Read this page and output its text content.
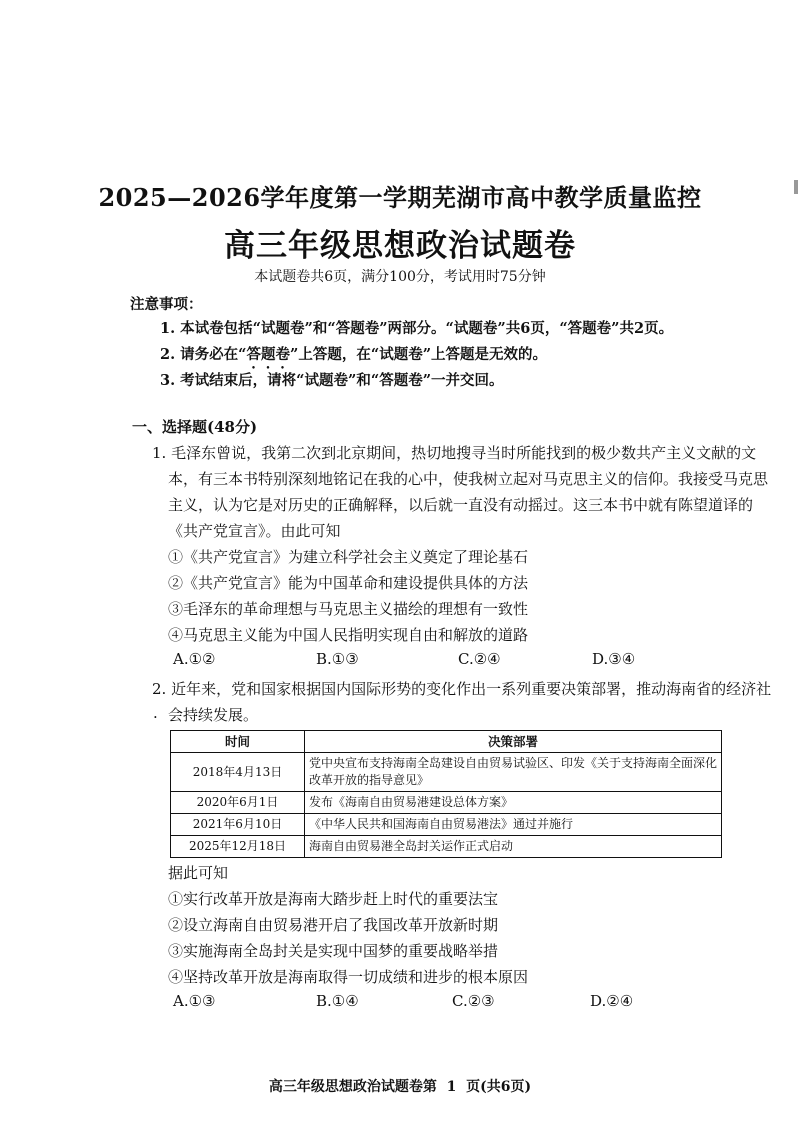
2025—2026学年度第一学期芜湖市高中教学质量监控
高三年级思想政治试题卷
本试题卷共6页，满分100分，考试用时75分钟
注意事项：
1. 本试卷包括“试题卷”和“答题卷”两部分。“试题卷”共6页，“答题卷”共2页。
2. 请务必在“答题卷”上答题，在“试题卷”上答题是无效的。
3. 考试结束后，请将“试题卷”和“答题卷”一并交回。
一、选择题(48分)
1. 毛泽东曾说，我第二次到北京期间，热切地搜寻当时所能找到的极少数共产主义文献的文
本，有三本书特别深刻地铭记在我的心中，使我树立起对马克思主义的信仰。我接受马克思
主义，认为它是对历史的正确解释，以后就一直没有动摇过。这三本书中就有陈望道译的
《共产党宣言》。由此可知
①《共产党宣言》为建立科学社会主义奠定了理论基石
②《共产党宣言》能为中国革命和建设提供具体的方法
③毛泽东的革命理想与马克思主义描绘的理想有一致性
④马克思主义能为中国人民指明实现自由和解放的道路
A.①②	B.①③	C.②④	D.③④
2. 近年来，党和国家根据国内国际形势的变化作出一系列重要决策部署，推动海南省的经济社
· 会持续发展。
时间	决策部署
2018年4月13日	党中央宣布支持海南全岛建设自由贸易试验区、印发《关于支持海南全面深化改革开放的指导意见》
2020年6月1日	发布《海南自由贸易港建设总体方案》
2021年6月10日	《中华人民共和国海南自由贸易港法》通过并施行
2025年12月18日	海南自由贸易港全岛封关运作正式启动
据此可知
①实行改革开放是海南大踏步赶上时代的重要法宝
②设立海南自由贸易港开启了我国改革开放新时期
③实施海南全岛封关是实现中国梦的重要战略举措
④坚持改革开放是海南取得一切成绩和进步的根本原因
A.①③	B.①④	C.②③	D.②④
高三年级思想政治试题卷第  1  页(共6页)
